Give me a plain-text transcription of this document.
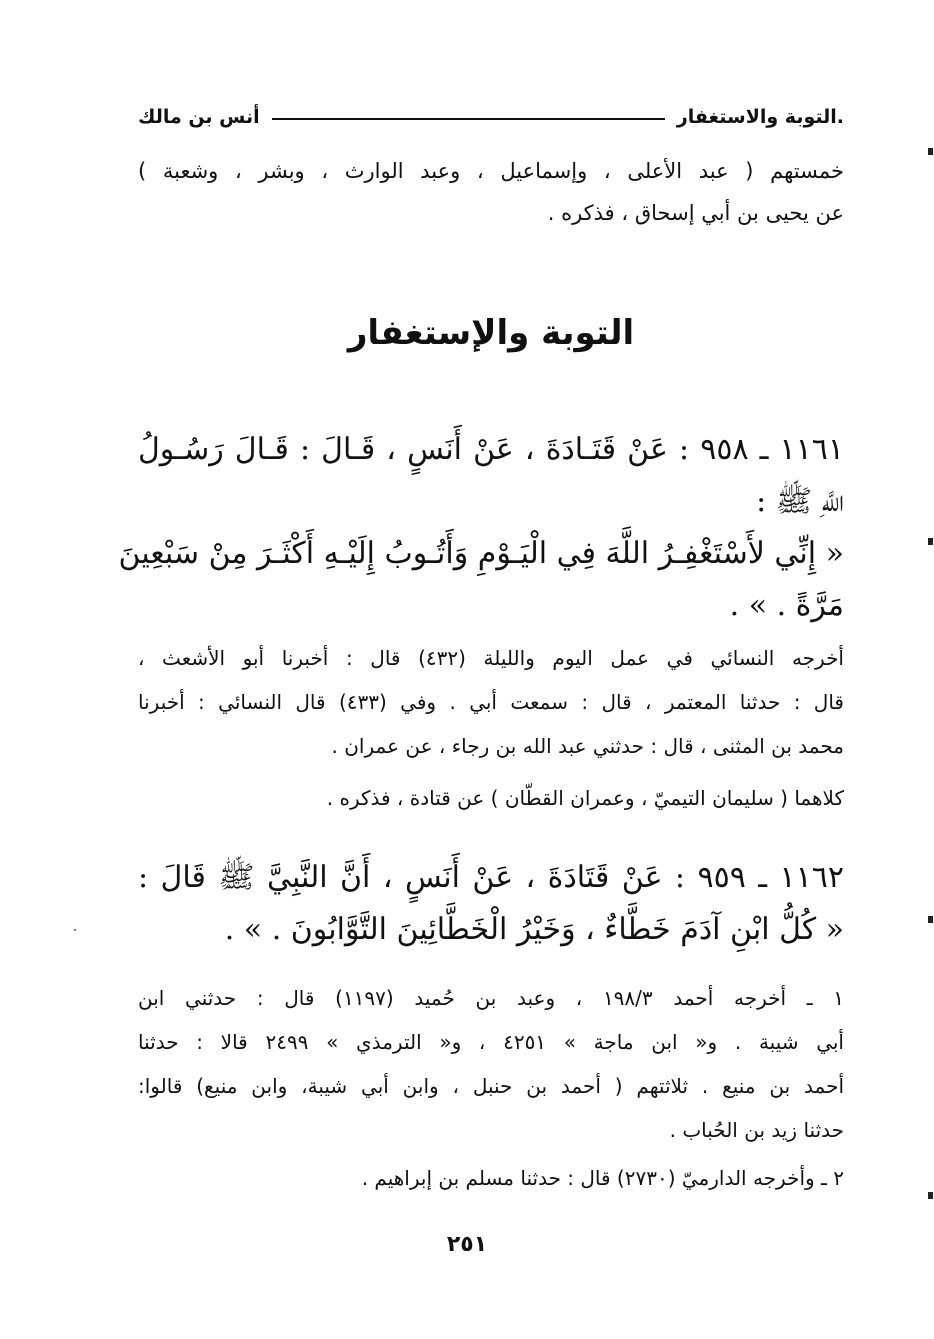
.التوبة والاستغفار
أنس بن مالك
خمستهم ( عبد الأعلى ، وإسماعيل ، وعبد الوارث ، وبشر ، وشعبة )
عن يحيى بن أبي إسحاق ، فذكره .
التوبة والإستغفار
١١٦١ ـ ٩٥٨ : عَنْ قَتَـادَةَ ، عَنْ أَنَسٍ ، قَـالَ : قَـالَ رَسُـولُ
اللَّهِ ﷺ :
« إِنِّي لأَسْتَغْفِـرُ اللَّهَ فِي الْيَـوْمِ وَأَتُـوبُ إِلَيْـهِ أَكْثَـرَ مِنْ سَبْعِينَ
مَرَّةً . » .
أخرجه النسائي في عمل اليوم والليلة (٤٣٢) قال : أخبرنا أبو الأشعث ،
قال : حدثنا المعتمر ، قال : سمعت أبي . وفي (٤٣٣) قال النسائي : أخبرنا
محمد بن المثنى ، قال : حدثني عبد الله بن رجاء ، عن عمران .
كلاهما ( سليمان التيميّ ، وعمران القطّان ) عن قتادة ، فذكره .
١١٦٢ ـ ٩٥٩ : عَنْ قَتَادَةَ ، عَنْ أَنَسٍ ، أَنَّ النَّبِيَّ ﷺ قَالَ :
« كُلُّ ابْنِ آدَمَ خَطَّاءٌ ، وَخَيْرُ الْخَطَّائِينَ التَّوَّابُونَ . » .
١ ـ أخرجه أحمد ١٩٨/٣ ، وعبد بن حُميد (١١٩٧) قال : حدثني ابن
أبي شيبة . و« ابن ماجة » ٤٢٥١ ، و« الترمذي » ٢٤٩٩ قالا : حدثنا
أحمد بن منيع . ثلاثتهم ( أحمد بن حنبل ، وابن أبي شيبة، وابن منيع) قالوا:
حدثنا زيد بن الحُباب .
٢ ـ وأخرجه الدارميّ (٢٧٣٠) قال : حدثنا مسلم بن إبراهيم .
٢٥١
